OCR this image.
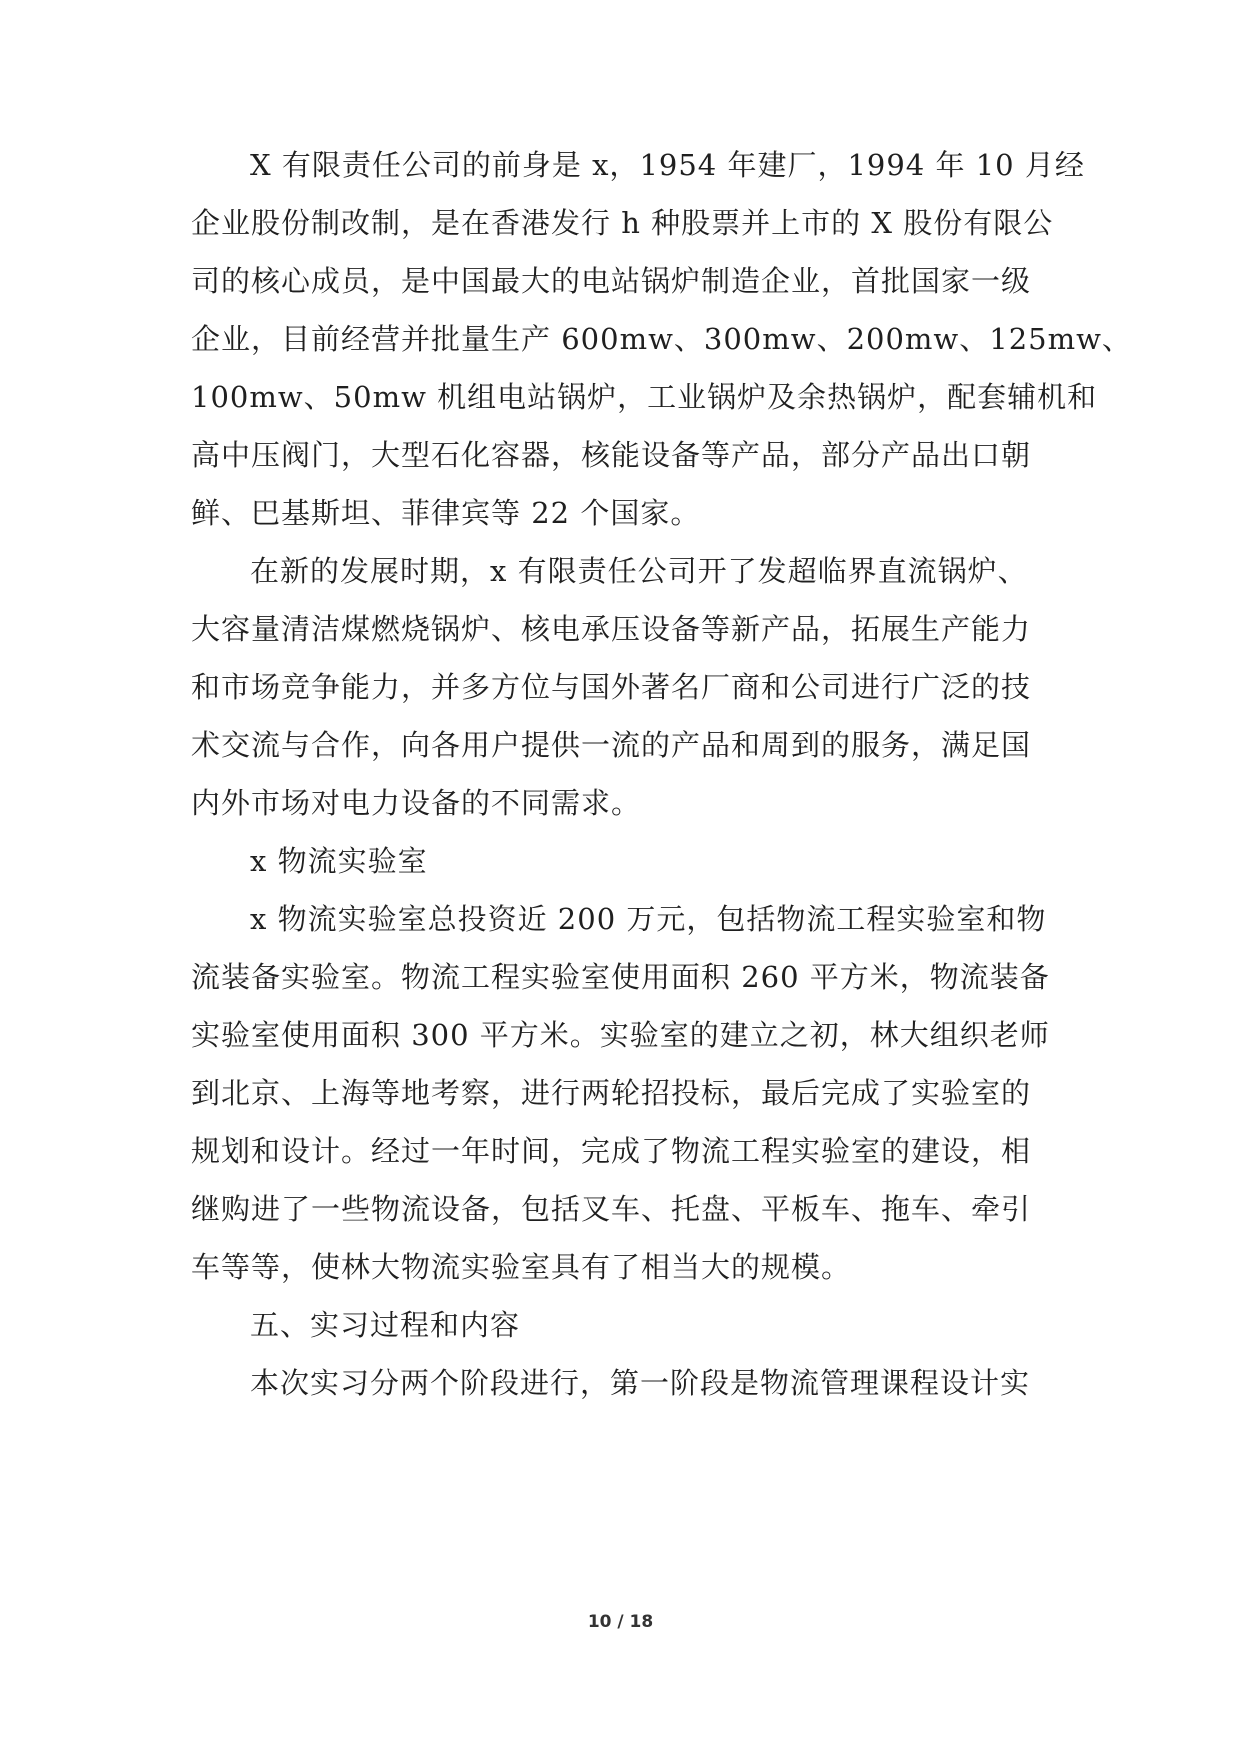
X 有限责任公司的前身是 x，1954 年建厂，1994 年 10 月经
企业股份制改制，是在香港发行 h 种股票并上市的 X 股份有限公
司的核心成员，是中国最大的电站锅炉制造企业，首批国家一级
企业，目前经营并批量生产 600mw、300mw、200mw、125mw、
100mw、50mw 机组电站锅炉，工业锅炉及余热锅炉，配套辅机和
高中压阀门，大型石化容器，核能设备等产品，部分产品出口朝
鲜、巴基斯坦、菲律宾等 22 个国家。
在新的发展时期，x 有限责任公司开了发超临界直流锅炉、
大容量清洁煤燃烧锅炉、核电承压设备等新产品，拓展生产能力
和市场竞争能力，并多方位与国外著名厂商和公司进行广泛的技
术交流与合作，向各用户提供一流的产品和周到的服务，满足国
内外市场对电力设备的不同需求。
x 物流实验室
x 物流实验室总投资近 200 万元，包括物流工程实验室和物
流装备实验室。物流工程实验室使用面积 260 平方米，物流装备
实验室使用面积 300 平方米。实验室的建立之初，林大组织老师
到北京、上海等地考察，进行两轮招投标，最后完成了实验室的
规划和设计。经过一年时间，完成了物流工程实验室的建设，相
继购进了一些物流设备，包括叉车、托盘、平板车、拖车、牵引
车等等，使林大物流实验室具有了相当大的规模。
五、实习过程和内容
本次实习分两个阶段进行，第一阶段是物流管理课程设计实
10 / 18
